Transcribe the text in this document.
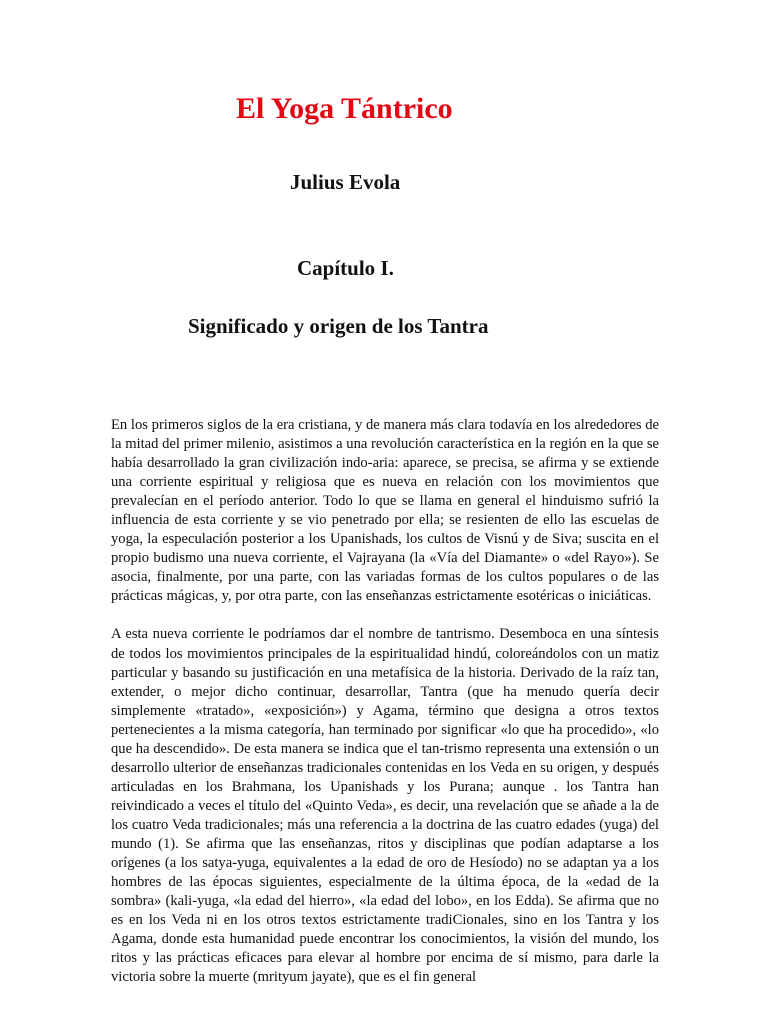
El Yoga Tántrico
Julius Evola
Capítulo I.
Significado y origen de los Tantra

En los primeros siglos de la era cristiana, y de manera más clara todavía en los alrededores de la mitad del primer milenio, asistimos a una revolución característica en la región en la que se había desarrollado la gran civilización indo-aria: aparece, se precisa, se afirma y se extiende una corriente espiritual y religiosa que es nueva en relación con los movimientos que prevalecían en el período anterior. Todo lo que se llama en general el hinduismo sufrió la influencia de esta corriente y se vio penetrado por ella; se resienten de ello las escuelas de yoga, la especulación posterior a los Upanishads, los cultos de Visnú y de Siva; suscita en el propio budismo una nueva corriente, el Vajrayana (la «Vía del Diamante» o «del Rayo»). Se asocia, finalmente, por una parte, con las variadas formas de los cultos populares o de las prácticas mágicas, y, por otra parte, con las enseñanzas estrictamente esotéricas o iniciáticas.

A esta nueva corriente le podríamos dar el nombre de tantrismo. Desemboca en una síntesis de todos los movimientos principales de la espiritualidad hindú, coloreándolos con un matiz particular y basando su justificación en una metafísica de la historia. Derivado de la raíz tan, extender, o mejor dicho continuar, desarrollar, Tantra (que ha menudo quería decir simplemente «tratado», «exposición») y Agama, término que designa a otros textos pertenecientes a la misma categoría, han terminado por significar «lo que ha procedido», «lo que ha descendido». De esta manera se indica que el tan-trismo representa una extensión o un desarrollo ulterior de enseñanzas tradicionales contenidas en los Veda en su origen, y después articuladas en los Brahmana, los Upanishads y los Purana; aunque . los Tantra han reivindicado a veces el título del «Quinto Veda», es decir, una revelación que se añade a la de los cuatro Veda tradicionales; más una referencia a la doctrina de las cuatro edades (yuga) del mundo (1). Se afirma que las enseñanzas, ritos y disciplinas que podían adaptarse a los orígenes (a los satya-yuga, equivalentes a la edad de oro de Hesíodo) no se adaptan ya a los hombres de las épocas siguientes, especialmente de la última época, de la «edad de la sombra» (kali-yuga, «la edad del hierro», «la edad del lobo», en los Edda). Se afirma que no es en los Veda ni en los otros textos estrictamente tradiCionales, sino en los Tantra y los Agama, donde esta humanidad puede encontrar los conocimientos, la visión del mundo, los ritos y las prácticas eficaces para elevar al hombre por encima de sí mismo, para darle la victoria sobre la muerte (mrityum jayate), que es el fin general
